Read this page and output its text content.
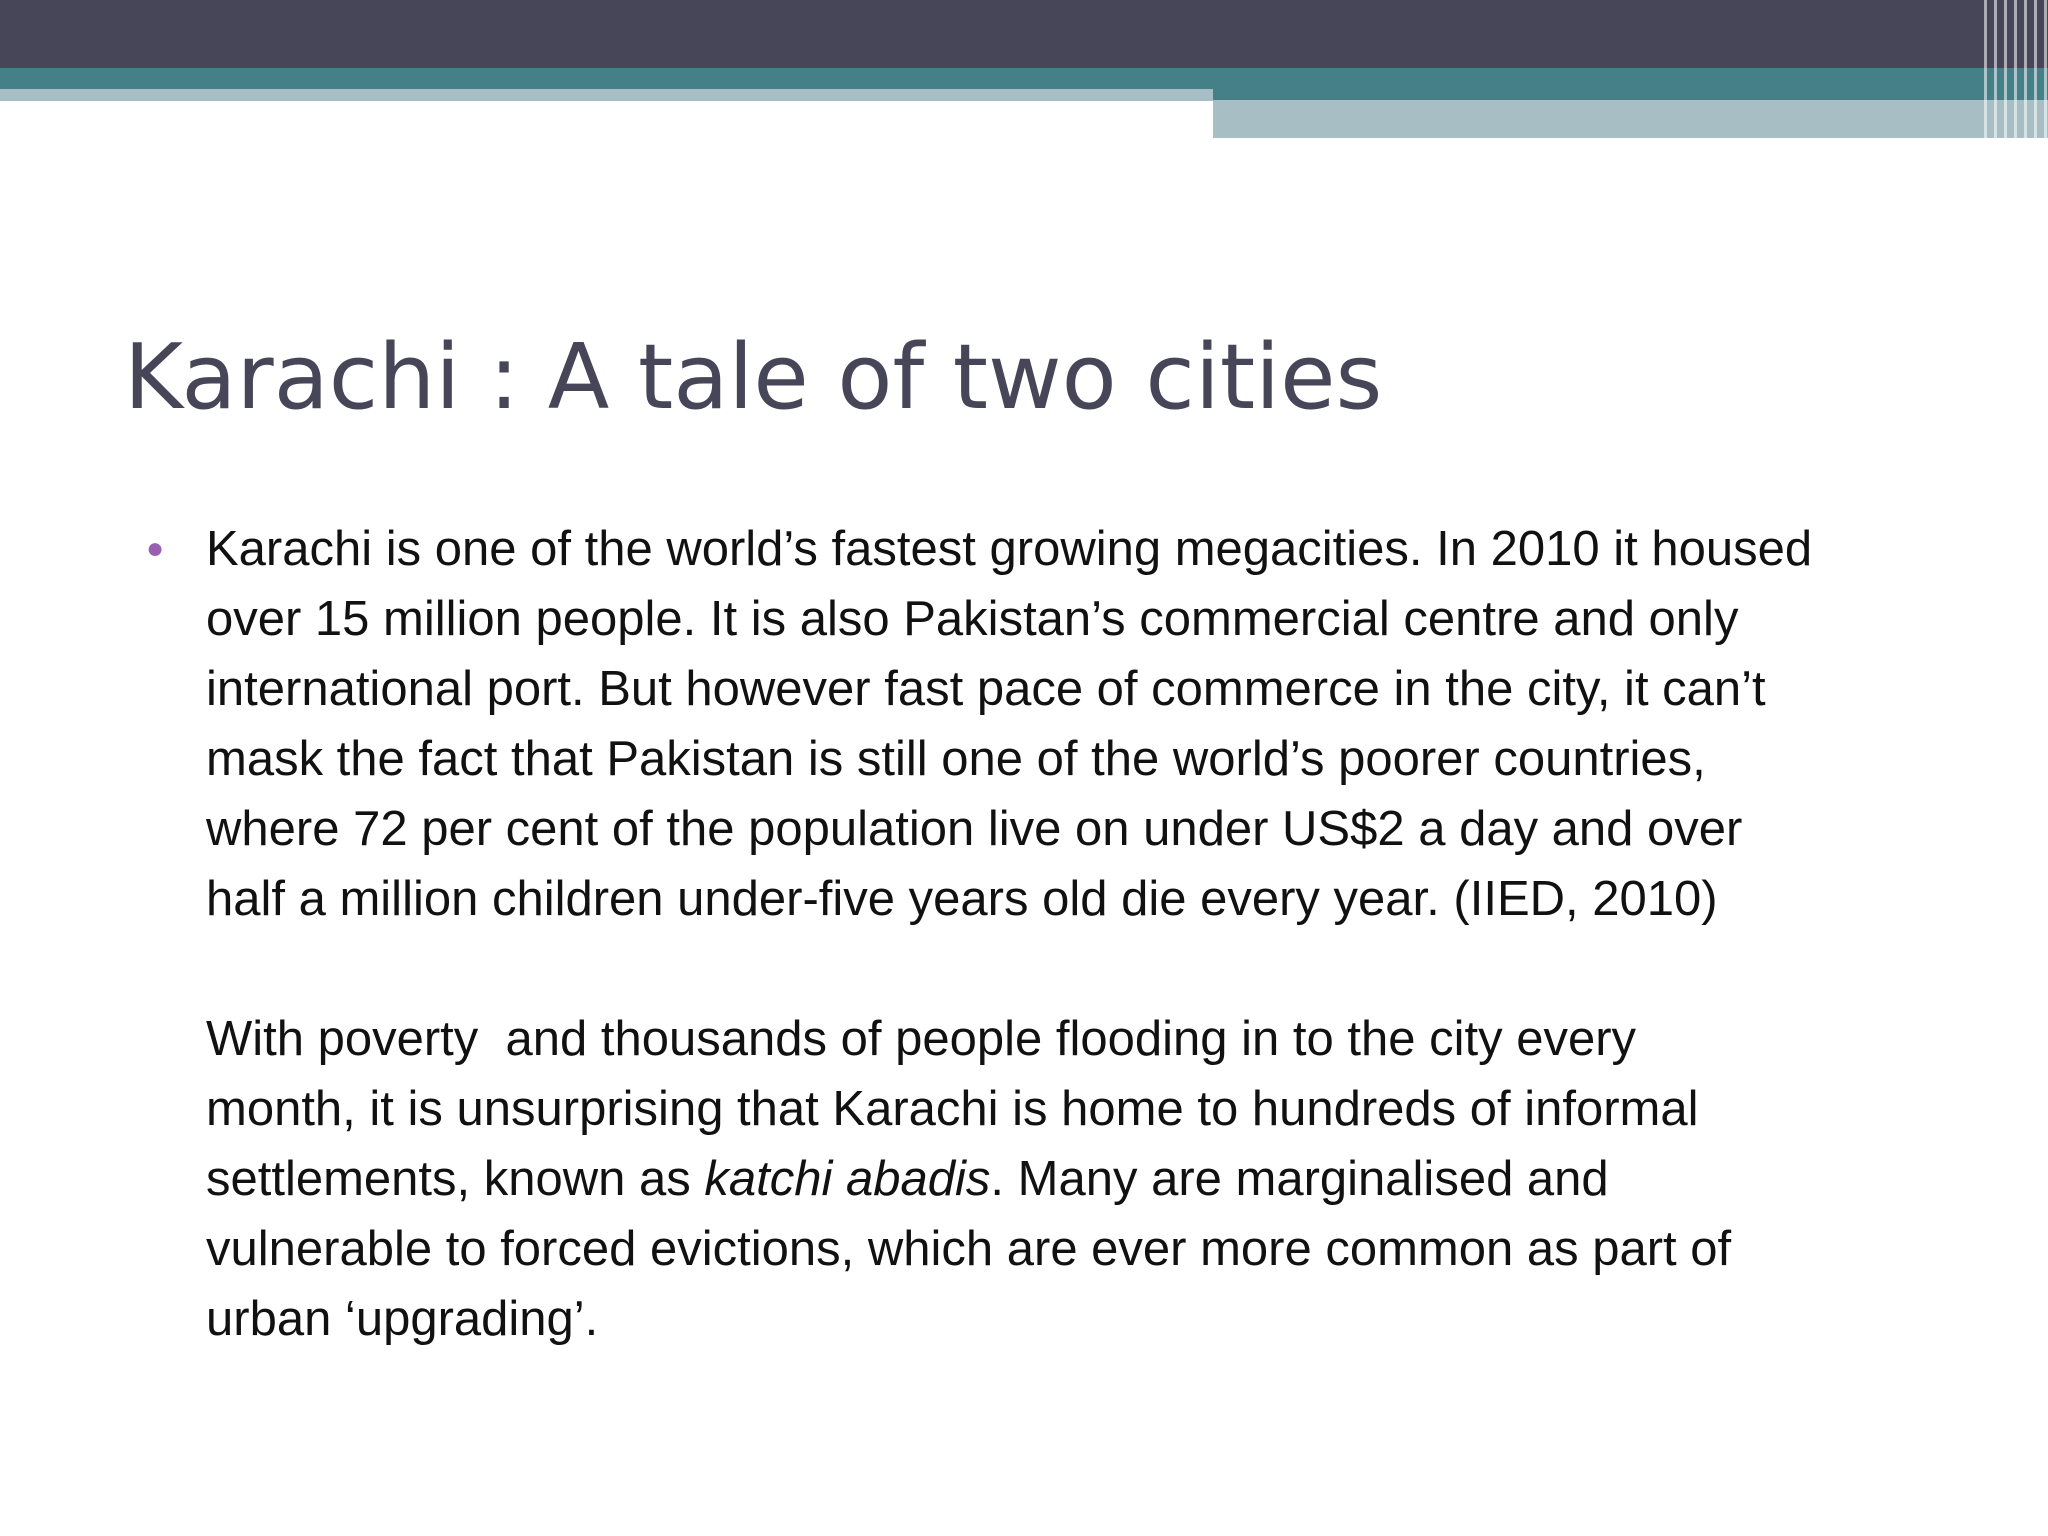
Karachi : A tale of two cities
● Karachi is one of the world’s fastest growing megacities. In 2010 it housed
over 15 million people. It is also Pakistan’s commercial centre and only
international port. But however fast pace of commerce in the city, it can’t
mask the fact that Pakistan is still one of the world’s poorer countries,
where 72 per cent of the population live on under US$2 a day and over
half a million children under-five years old die every year. (IIED, 2010)
With poverty  and thousands of people flooding in to the city every
month, it is unsurprising that Karachi is home to hundreds of informal
settlements, known as katchi abadis. Many are marginalised and
vulnerable to forced evictions, which are ever more common as part of
urban ‘upgrading’.
